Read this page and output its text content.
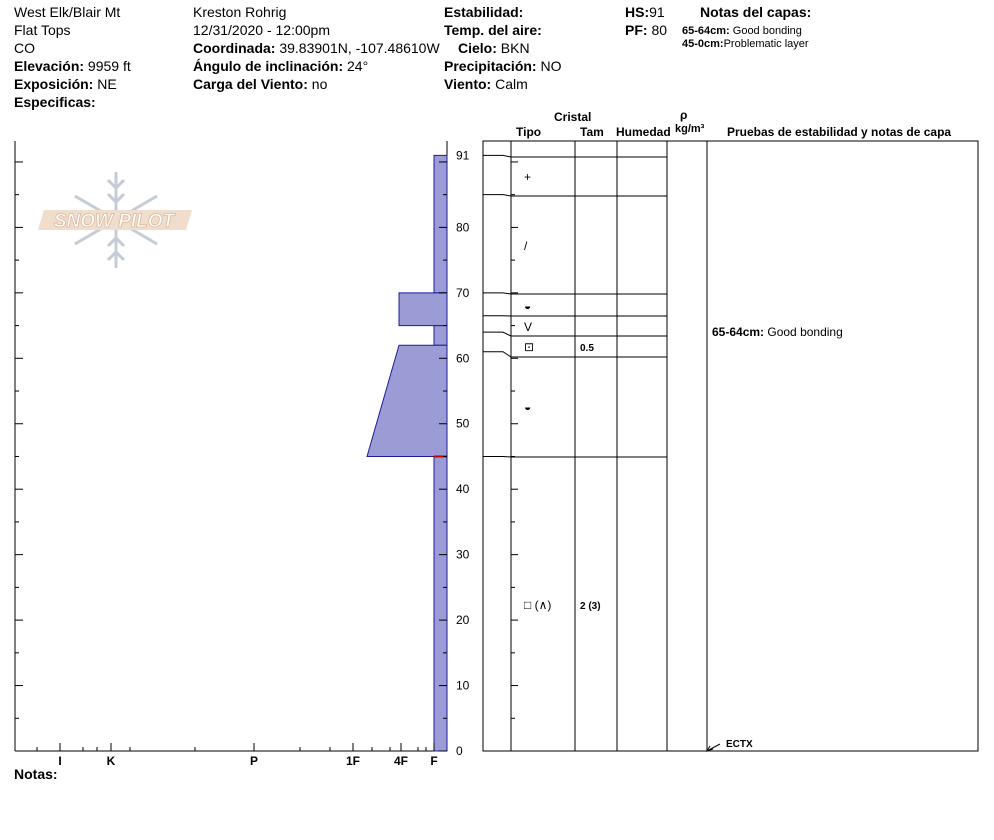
West Elk/Blair Mt
Flat Tops
CO
Elevación: 9959 ft
Exposición: NE
Especificas:
Kreston Rohrig
12/31/2020 - 12:00pm
Coordinada: 39.83901N, -107.48610W
Ángulo de inclinación: 24°
Carga del Viento: no
Estabilidad:
Temp. del aire:
Cielo: BKN
Precipitación: NO
Viento: Calm
HS:91
PF: 80
Notas del capas:
65-64cm: Good bonding
45-0cm:Problematic layer
Cristal
Tipo	Tam Humedad
ρ
kg/m³ Pruebas de estabilidad y notas de capa
SNOW PILOT
0
10
20
30
40
50
60
70
80
91
I	K	P	1F	4F F
+
/
◒
V
⊡	0.5
◒
□ (∧)	2 (3)
65-64cm: Good bonding
ECTX
Notas:
